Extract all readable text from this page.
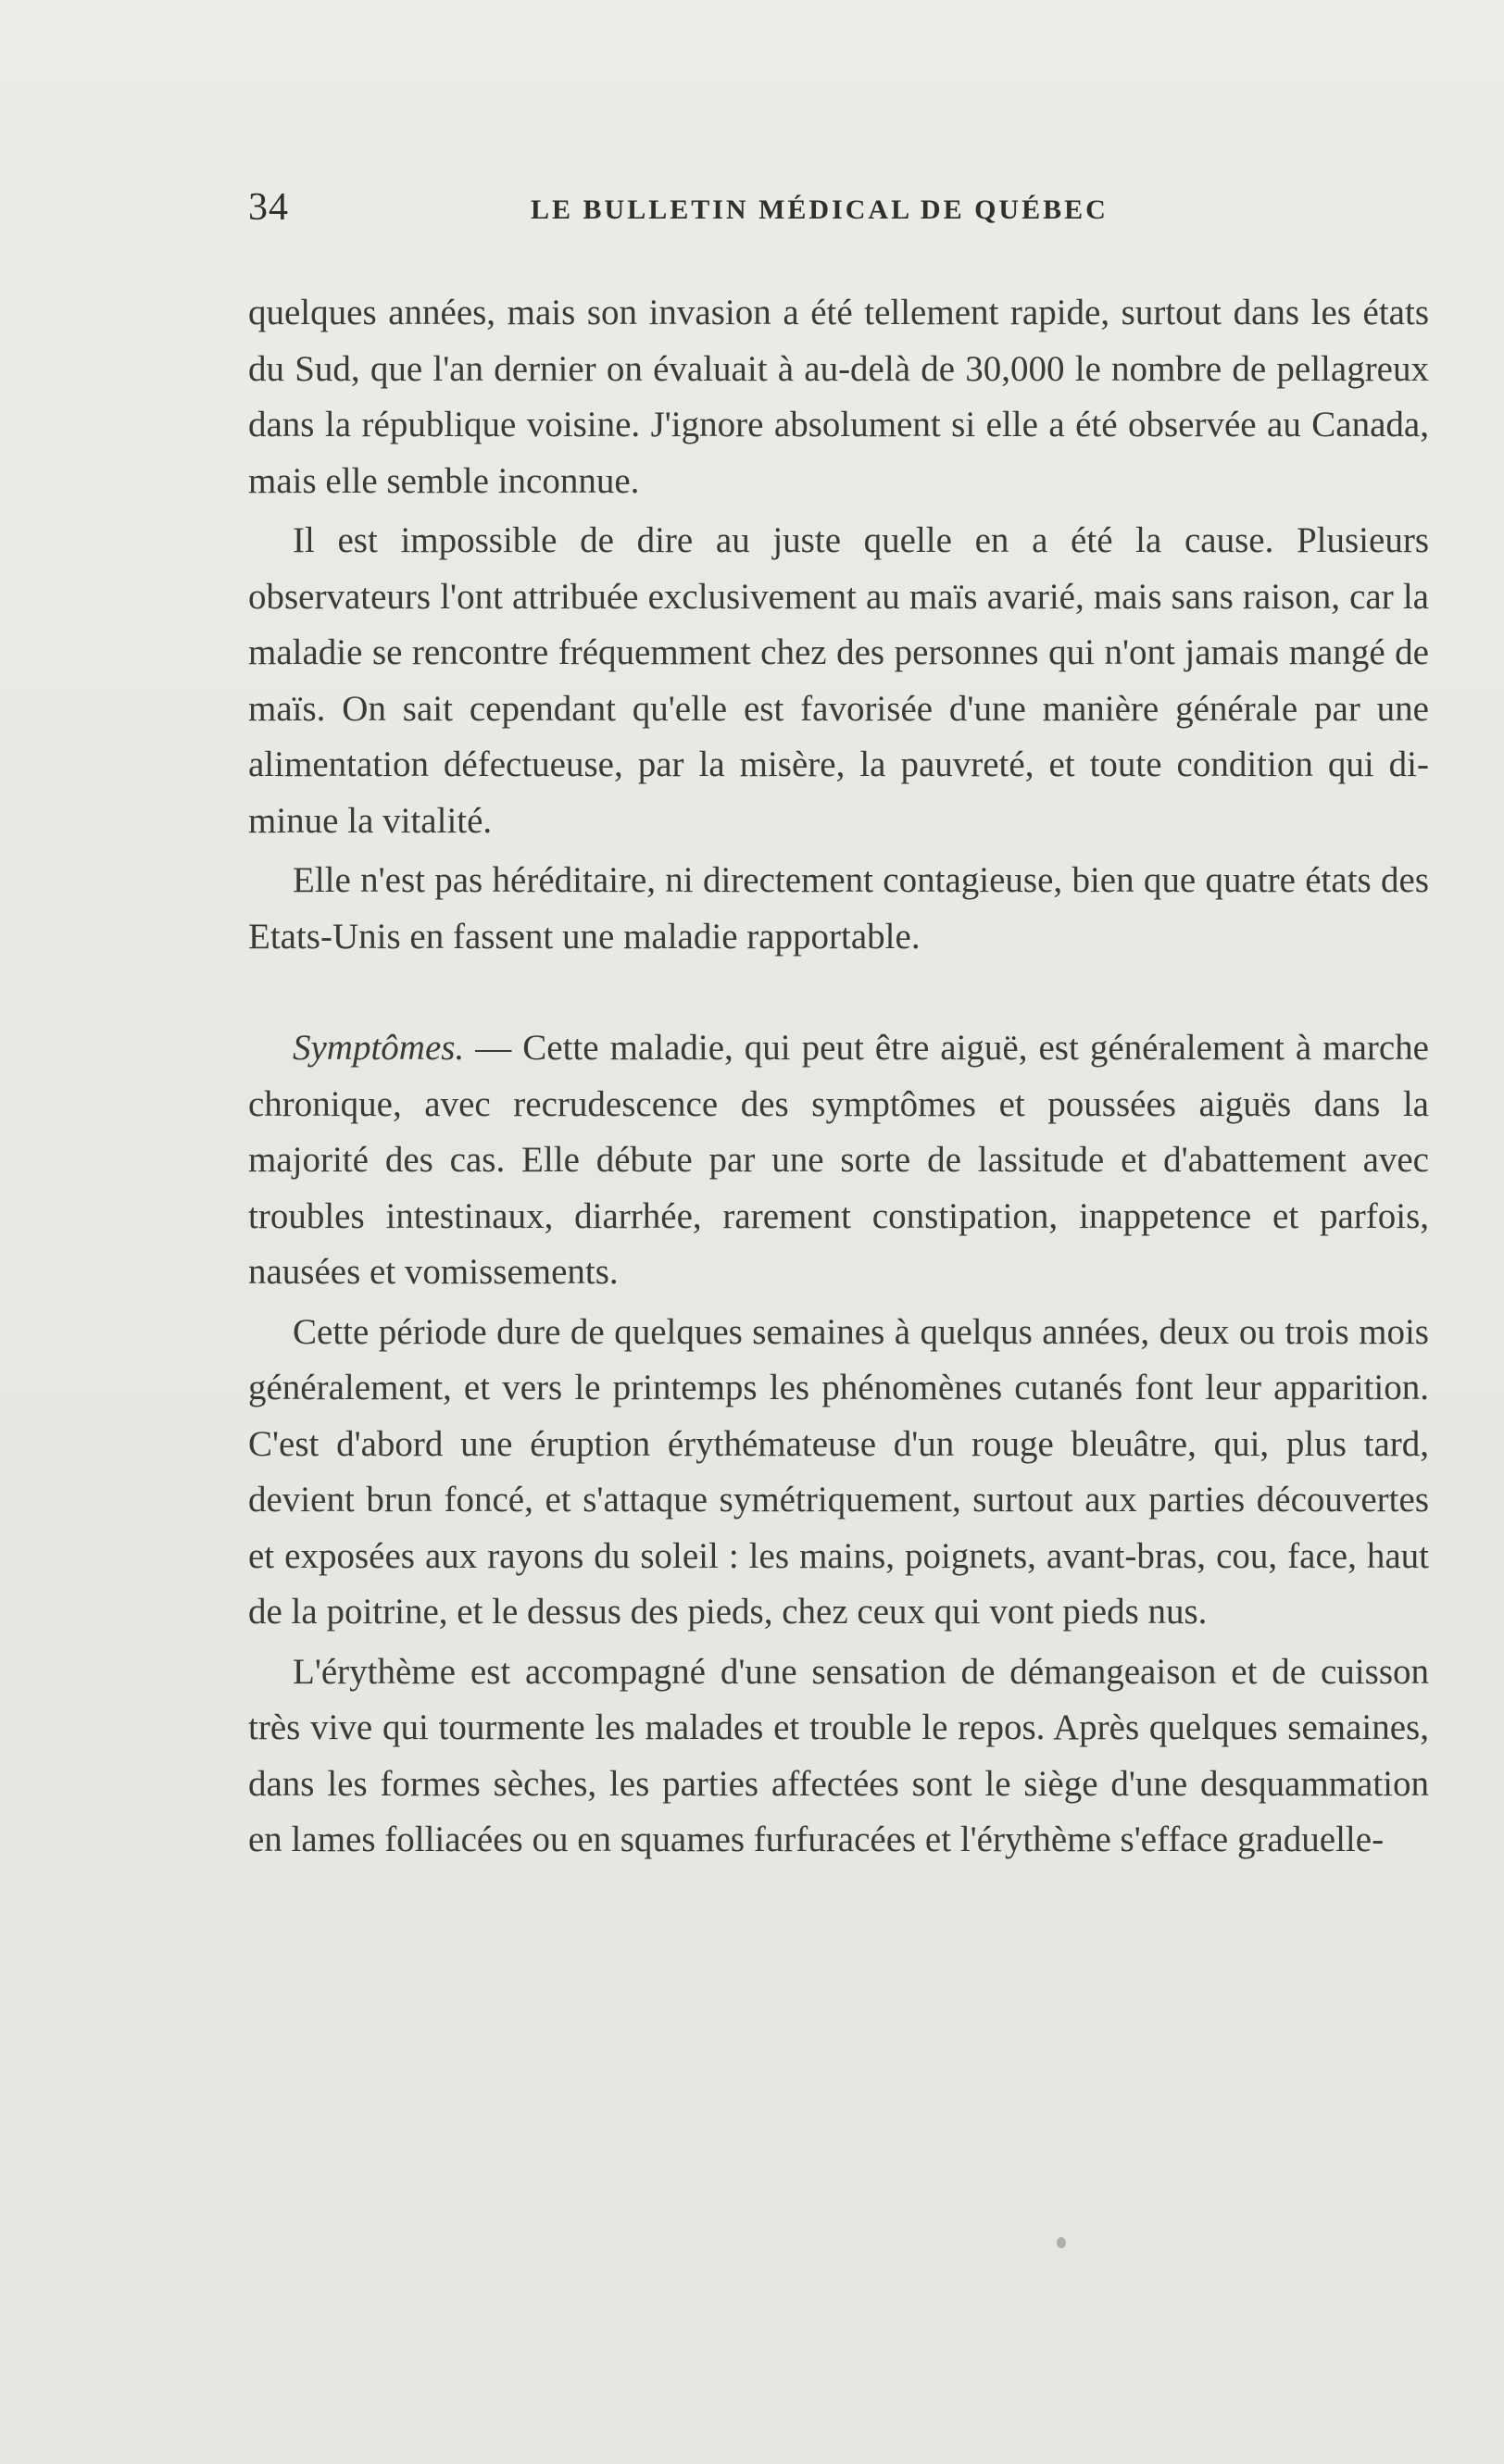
34	LE BULLETIN MÉDICAL DE QUÉBEC

quelques années, mais son invasion a été tellement rapide, surtout dans les états du Sud, que l'an dernier on évaluait à au-delà de 30,000 le nombre de pellagreux dans la république voisine. J'ignore absolument si elle a été observée au Canada, mais elle semble inconnue.

Il est impossible de dire au juste quelle en a été la cause. Plusieurs observateurs l'ont attribuée exclusivement au maïs avarié, mais sans raison, car la maladie se rencontre fréquemment chez des personnes qui n'ont jamais mangé de maïs. On sait cependant qu'elle est favorisée d'une manière générale par une alimentation défectueuse, par la misère, la pauvreté, et toute condition qui diminue la vitalité.

Elle n'est pas héréditaire, ni directement contagieuse, bien que quatre états des Etats-Unis en fassent une maladie rapportable.

Symptômes. — Cette maladie, qui peut être aiguë, est généralement à marche chronique, avec recrudescence des symptômes et poussées aiguës dans la majorité des cas. Elle débute par une sorte de lassitude et d'abattement avec troubles intestinaux, diarrhée, rarement constipation, inappetence et parfois, nausées et vomissements.

Cette période dure de quelques semaines à quelqus années, deux ou trois mois généralement, et vers le printemps les phénomènes cutanés font leur apparition. C'est d'abord une éruption érythémateuse d'un rouge bleuâtre, qui, plus tard, devient brun foncé, et s'attaque symétriquement, surtout aux parties découvertes et exposées aux rayons du soleil : les mains, poignets, avant-bras, cou, face, haut de la poitrine, et le dessus des pieds, chez ceux qui vont pieds nus.

L'érythème est accompagné d'une sensation de démangeaison et de cuisson très vive qui tourmente les malades et trouble le repos. Après quelques semaines, dans les formes sèches, les parties affectées sont le siège d'une desquammation en lames folliacées ou en squames furfuracées et l'érythème s'efface graduelle-
